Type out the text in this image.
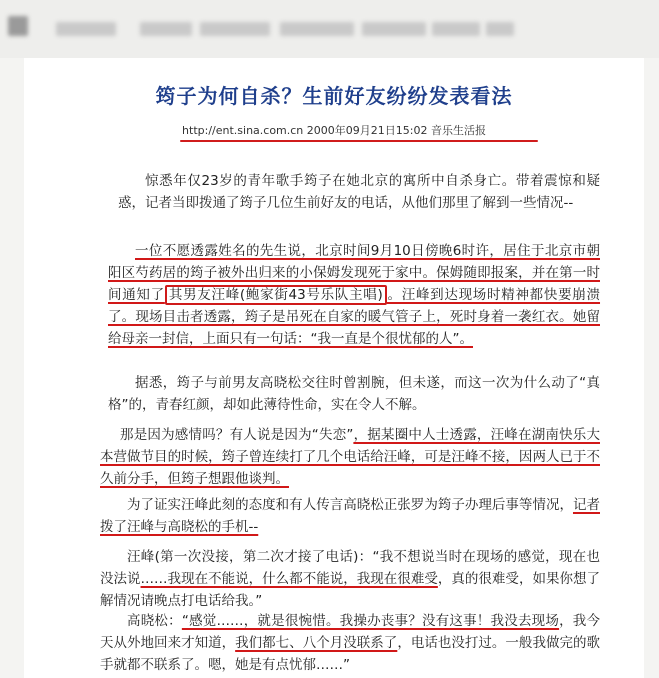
筠子为何自杀？生前好友纷纷发表看法
http://ent.sina.com.cn 2000年09月21日15:02 音乐生活报

惊悉年仅23岁的青年歌手筠子在她北京的寓所中自杀身亡。带着震惊和疑惑，记者当即拨通了筠子几位生前好友的电话，从他们那里了解到一些情况--

一位不愿透露姓名的先生说，北京时间9月10日傍晚6时许，居住于北京市朝阳区芍药居的筠子被外出归来的小保姆发现死于家中。保姆随即报案，并在第一时间通知了 其男友汪峰(鲍家街43号乐队主唱) 。汪峰到达现场时精神都快要崩溃了。现场目击者透露，筠子是吊死在自家的暖气管子上，死时身着一袭红衣。她留给母亲一封信，上面只有一句话：“我一直是个很忧郁的人”。

据悉，筠子与前男友高晓松交往时曾割腕，但未遂，而这一次为什么动了“真格”的，青春红颜，却如此薄待性命，实在令人不解。

那是因为感情吗？有人说是因为“失恋”，据某圈中人士透露，汪峰在湖南快乐大本营做节目的时候，筠子曾连续打了几个电话给汪峰，可是汪峰不接，因两人已于不久前分手，但筠子想跟他谈判。

为了证实汪峰此刻的态度和有人传言高晓松正张罗为筠子办理后事等情况，记者拨了汪峰与高晓松的手机--

汪峰(第一次没接，第二次才接了电话)：“我不想说当时在现场的感觉，现在也没法说……我现在不能说，什么都不能说，我现在很难受，真的很难受，如果你想了解情况请晚点打电话给我。”

高晓松：“感觉……，就是很惋惜。我操办丧事？没有这事！我没去现场，我今天从外地回来才知道，我们都七、八个月没联系了，电话也没打过。一般我做完的歌手就都不联系了。嗯，她是有点忧郁……”
